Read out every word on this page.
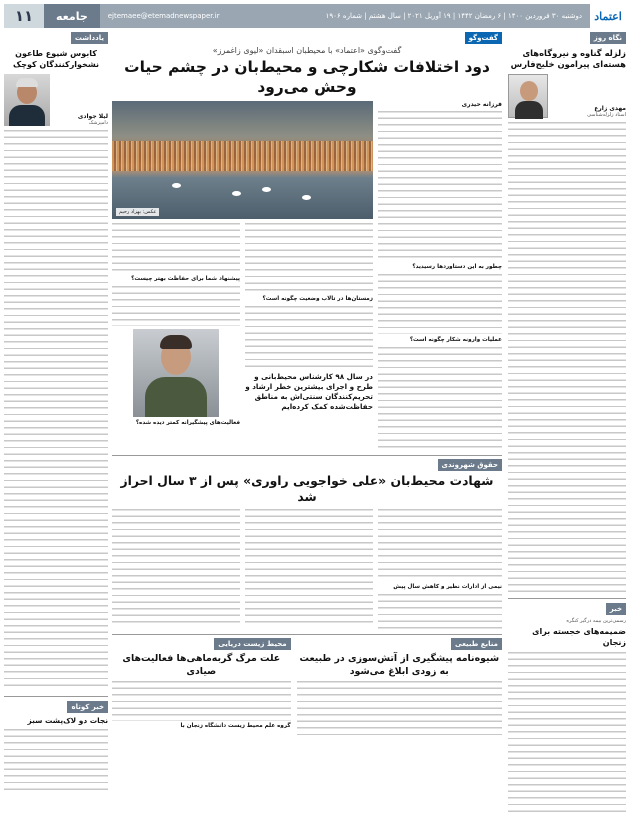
اعتماد
دوشنبه ۳۰ فروردین ۱۴۰۰ | ۶ رمضان ۱۴۴۲ | ۱۹ آوریل ۲۰۲۱ | سال هشتم | شماره ۱۹۰۶
ejtemaee@etemadnewspaper.ir
جامعه
۱۱
نگاه روز
زلزله گناوه و نیروگاه‌های هسته‌ای پیرامون خلیج‌فارس
مهدی زارع
استاد زلزله‌شناسی
خبر
رسمی‌ترین بیمه درگیر کنگره
ضمیمه‌های خجسته برای زنجان
گفت‌وگو
گفت‌وگوی «اعتماد» با محیطبان اسبقدان «لیوی زاغمرز»
دود اختلافات شکارچی و محیط‌بان در چشم حیات وحش می‌رود
فرزانه حیدری
چطور به این دستاوردها رسیدید؟
عملیات وارونه شکار چگونه است؟
عکس: بهزاد رحیم
زمستان‌ها در تالاب وضعیت چگونه است؟
در سال ۹۸ کارشناس محیط‌بانی و طرح و اجرای بیشترین خطر ارشاد و تحریم‌کنندگان سنتی‌اش به مناطق حفاظت‌شده کمک کرده‌ایم
پیشنهاد شما برای حفاظت بهتر چیست؟
فعالیت‌های پیشگیرانه کمتر دیده شده؟
حقوق شهروندی
شهادت محیط‌بان «علی خواجویی راوری» پس از ۳ سال احراز شد
نیمی از ادارات نظیر و کاهش سال پیش
منابع طبیعی
شیوه‌نامه پیشگیری از آتش‌سوزی در طبیعت به زودی ابلاغ می‌شود
محیط زیست دریایی
علت مرگ گربه‌ماهی‌ها فعالیت‌های صیادی
گروه علم محیط زیست دانشگاه زنجان با
یادداشت
کابوس شیوع طاعون نشخوارکنندگان کوچک
لیلا جوادی
دامپزشک
خبر کوتاه
نجات دو لاک‌پشت سبز
